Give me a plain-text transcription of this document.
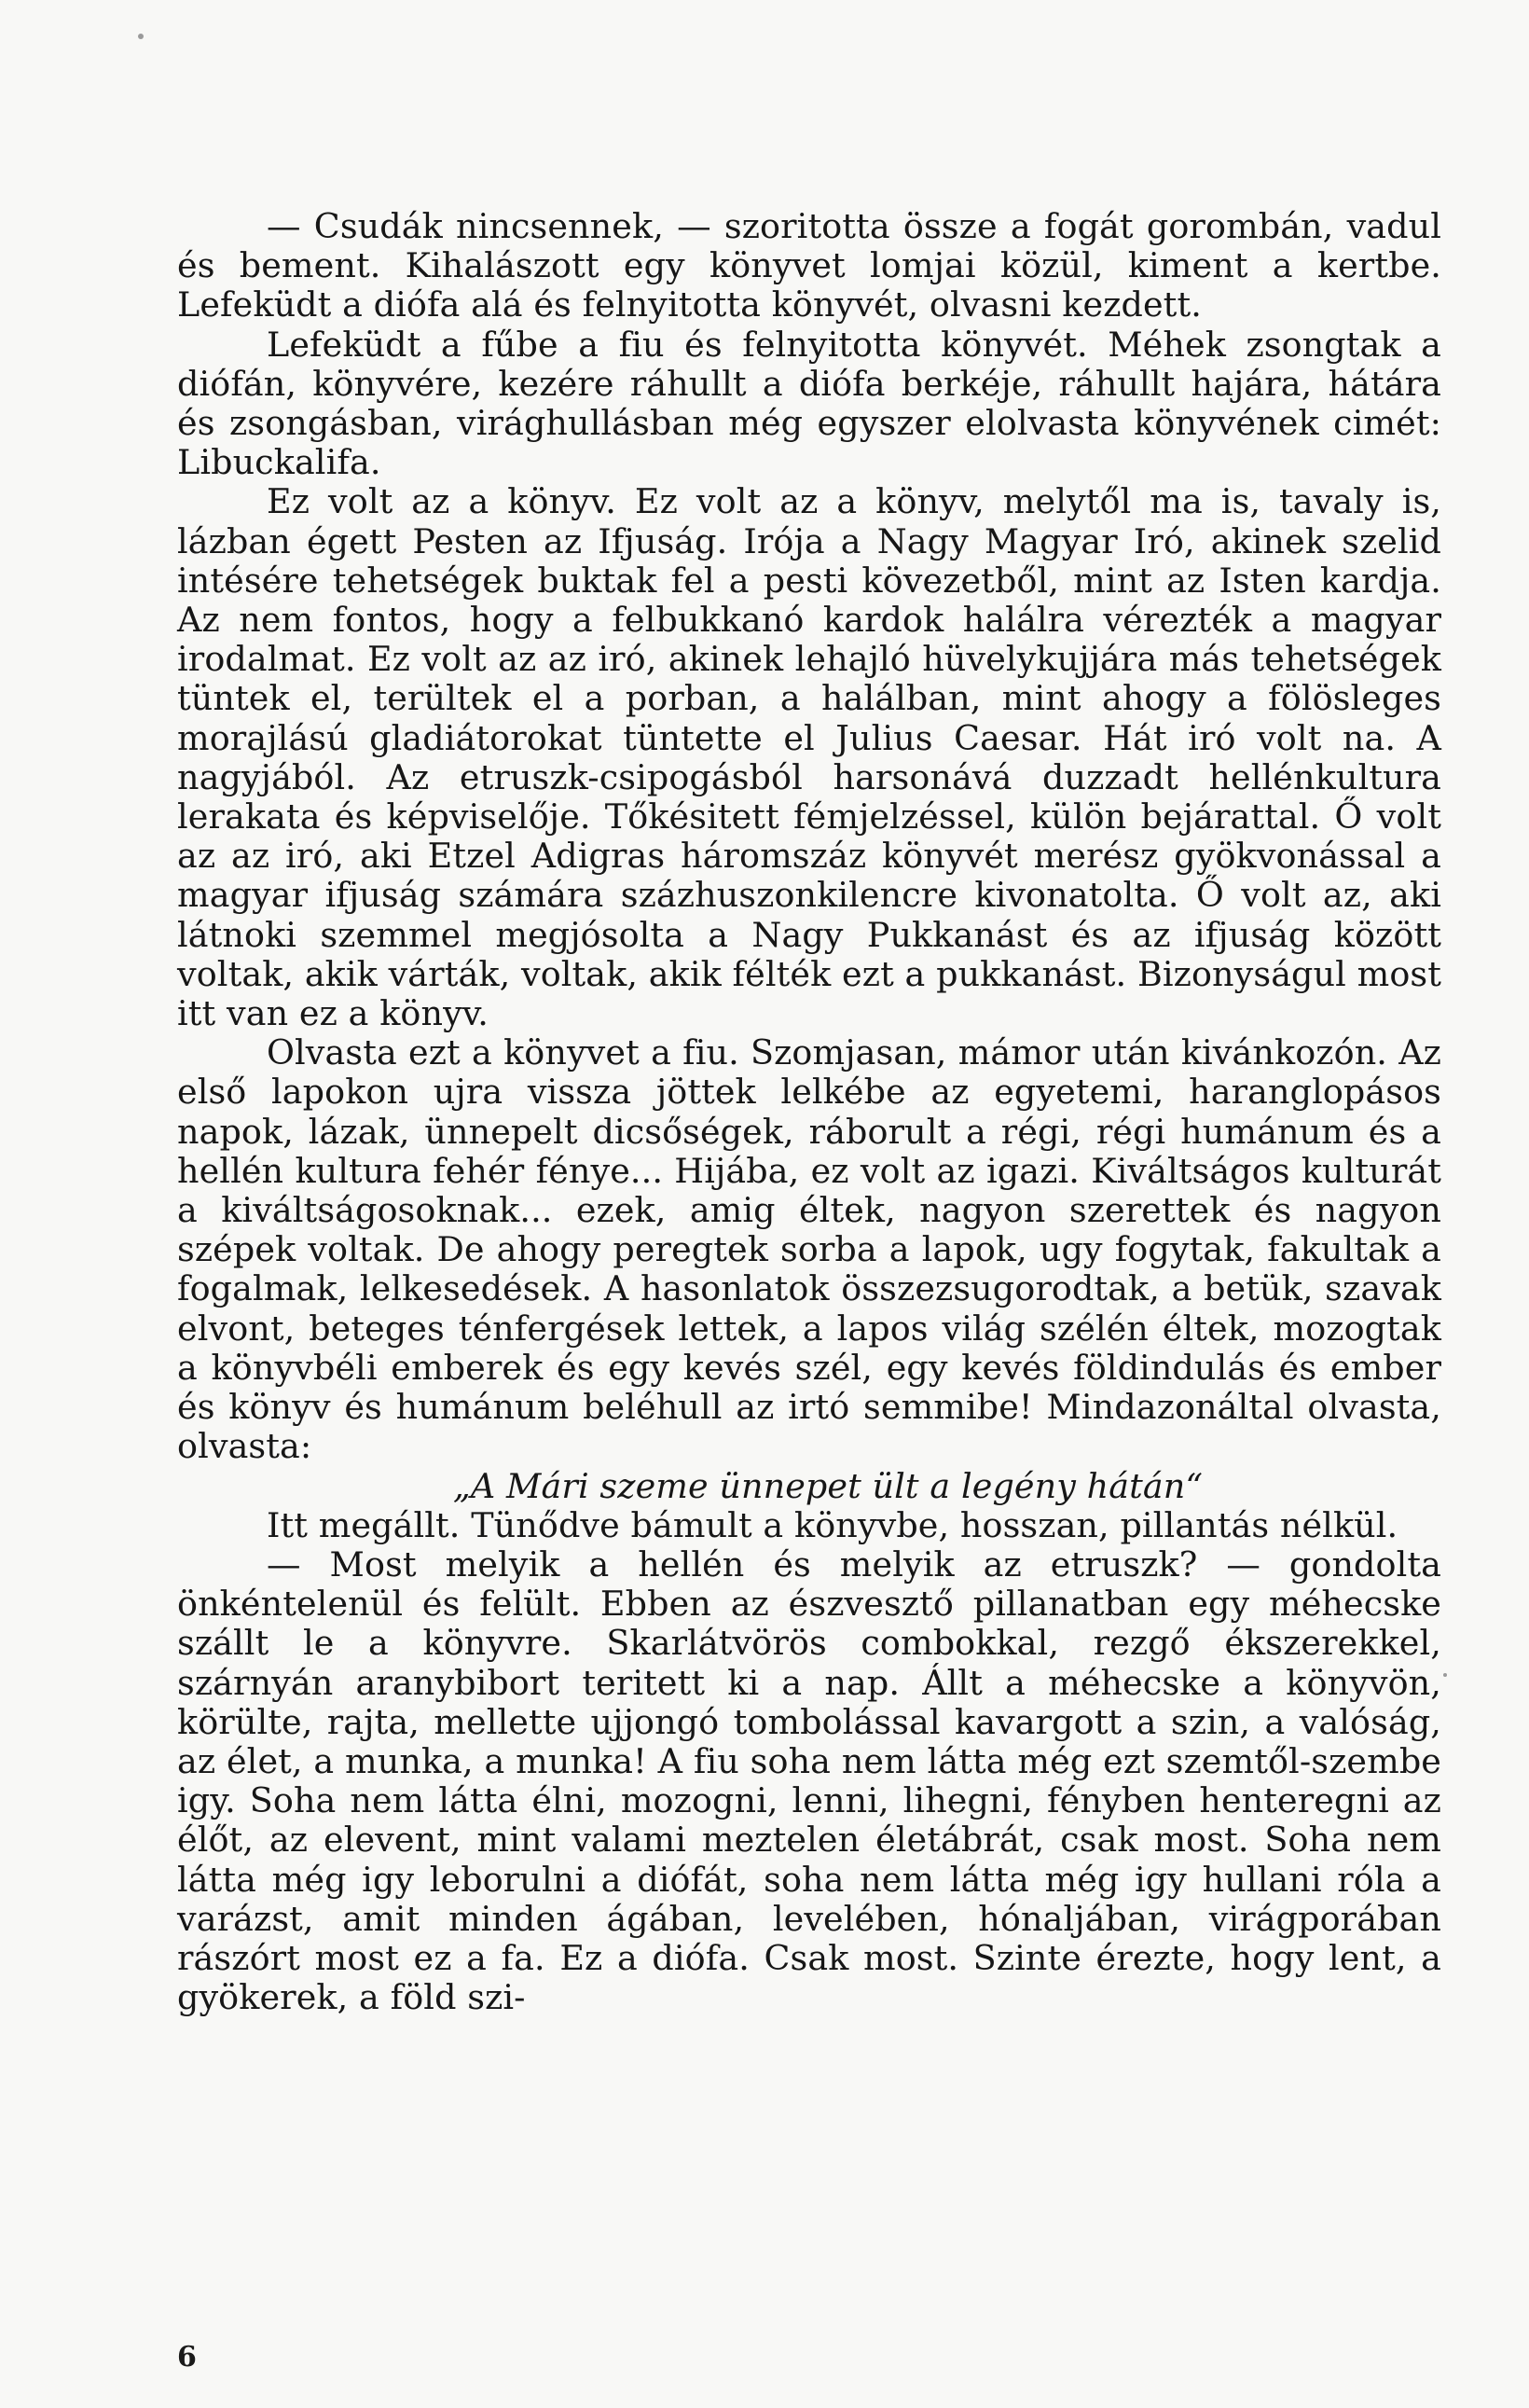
— Csudák nincsennek, — szoritotta össze a fogát gorombán, vadul és bement. Kihalászott egy könyvet lomjai közül, kiment a kertbe. Lefeküdt a diófa alá és felnyitotta könyvét, olvasni kezdett.

Lefeküdt a fűbe a fiu és felnyitotta könyvét. Méhek zsongtak a diófán, könyvére, kezére ráhullt a diófa berkéje, ráhullt hajára, hátára és zsongásban, virághullásban még egyszer elolvasta könyvének cimét: Libuckalifa.

Ez volt az a könyv. Ez volt az a könyv, melytől ma is, tavaly is, lázban égett Pesten az Ifjuság. Irója a Nagy Magyar Iró, akinek szelid intésére tehetségek buktak fel a pesti kövezetből, mint az Isten kardja. Az nem fontos, hogy a felbukkanó kardok halálra vérezték a magyar irodalmat. Ez volt az az iró, akinek lehajló hüvelykujjára más tehetségek tüntek el, terültek el a porban, a halálban, mint ahogy a fölösleges morajlású gladiátorokat tüntette el Julius Caesar. Hát iró volt na. A nagyjából. Az etruszk-csipogásból harsonává duzzadt hellénkultura lerakata és képviselője. Tőkésitett fémjelzéssel, külön bejárattal. Ő volt az az iró, aki Etzel Adigras háromszáz könyvét merész gyökvonással a magyar ifjuság számára százhuszonkilencre kivonatolta. Ő volt az, aki látnoki szemmel megjósolta a Nagy Pukkanást és az ifjuság között voltak, akik várták, voltak, akik félték ezt a pukkanást. Bizonyságul most itt van ez a könyv.

Olvasta ezt a könyvet a fiu. Szomjasan, mámor után kivánkozón. Az első lapokon ujra vissza jöttek lelkébe az egyetemi, haranglopásos napok, lázak, ünnepelt dicsőségek, ráborult a régi, régi humánum és a hellén kultura fehér fénye... Hijába, ez volt az igazi. Kiváltságos kulturát a kiváltságosoknak... ezek, amig éltek, nagyon szerettek és nagyon szépek voltak. De ahogy peregtek sorba a lapok, ugy fogytak, fakultak a fogalmak, lelkesedések. A hasonlatok összezsugorodtak, a betük, szavak elvont, beteges ténfergések lettek, a lapos világ szélén éltek, mozogtak a könyvbéli emberek és egy kevés szél, egy kevés földindulás és ember és könyv és humánum beléhull az irtó semmibe! Mindazonáltal olvasta, olvasta:

„A Mári szeme ünnepet ült a legény hátán“

Itt megállt. Tünődve bámult a könyvbe, hosszan, pillantás nélkül.

— Most melyik a hellén és melyik az etruszk? — gondolta önkéntelenül és felült. Ebben az észvesztő pillanatban egy méhecske szállt le a könyvre. Skarlátvörös combokkal, rezgő ékszerekkel, szárnyán aranybibort teritett ki a nap. Állt a méhecske a könyvön, körülte, rajta, mellette ujjongó tombolással kavargott a szin, a valóság, az élet, a munka, a munka! A fiu soha nem látta még ezt szemtől-szembe igy. Soha nem látta élni, mozogni, lenni, lihegni, fényben henteregni az élőt, az elevent, mint valami meztelen életábrát, csak most. Soha nem látta még igy leborulni a diófát, soha nem látta még igy hullani róla a varázst, amit minden ágában, levelében, hónaljában, virágporában rászórt most ez a fa. Ez a diófa. Csak most. Szinte érezte, hogy lent, a gyökerek, a föld szi-

6
